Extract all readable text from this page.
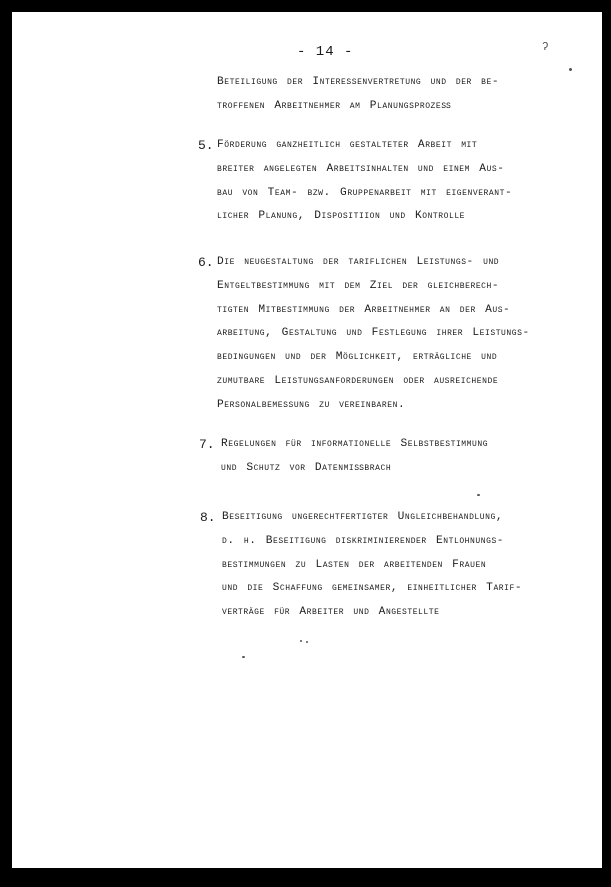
- 14 -	ʔ
Beteiligung der Interessenvertretung und der be-
troffenen Arbeitnehmer am Planungsprozeß
5. Förderung ganzheitlich gestalteter Arbeit mit
breiter angelegten Arbeitsinhalten und einem Aus-
bau von Team- bzw. Gruppenarbeit mit eigenverant-
licher Planung, Dispositiion und Kontrolle
6. Die neugestaltung der tariflichen Leistungs- und
Entgeltbestimmung mit dem Ziel der gleichberech-
tigten Mitbestimmung der Arbeitnehmer an der Aus-
arbeitung, Gestaltung und Festlegung ihrer Leistungs-
bedingungen und der Möglichkeit, erträgliche und
zumutbare Leistungsanforderungen oder ausreichende
Personalbemessung zu vereinbaren.
7. Regelungen für informationelle Selbstbestimmung
und Schutz vor Datenmißbrach
8. Beseitigung ungerechtfertigter Ungleichbehandlung,
d. h. Beseitigung diskriminierender Entlohnungs-
bestimmungen zu Lasten der arbeitenden Frauen
und die Schaffung gemeinsamer, einheitlicher Tarif-
verträge für Arbeiter und Angestellte
